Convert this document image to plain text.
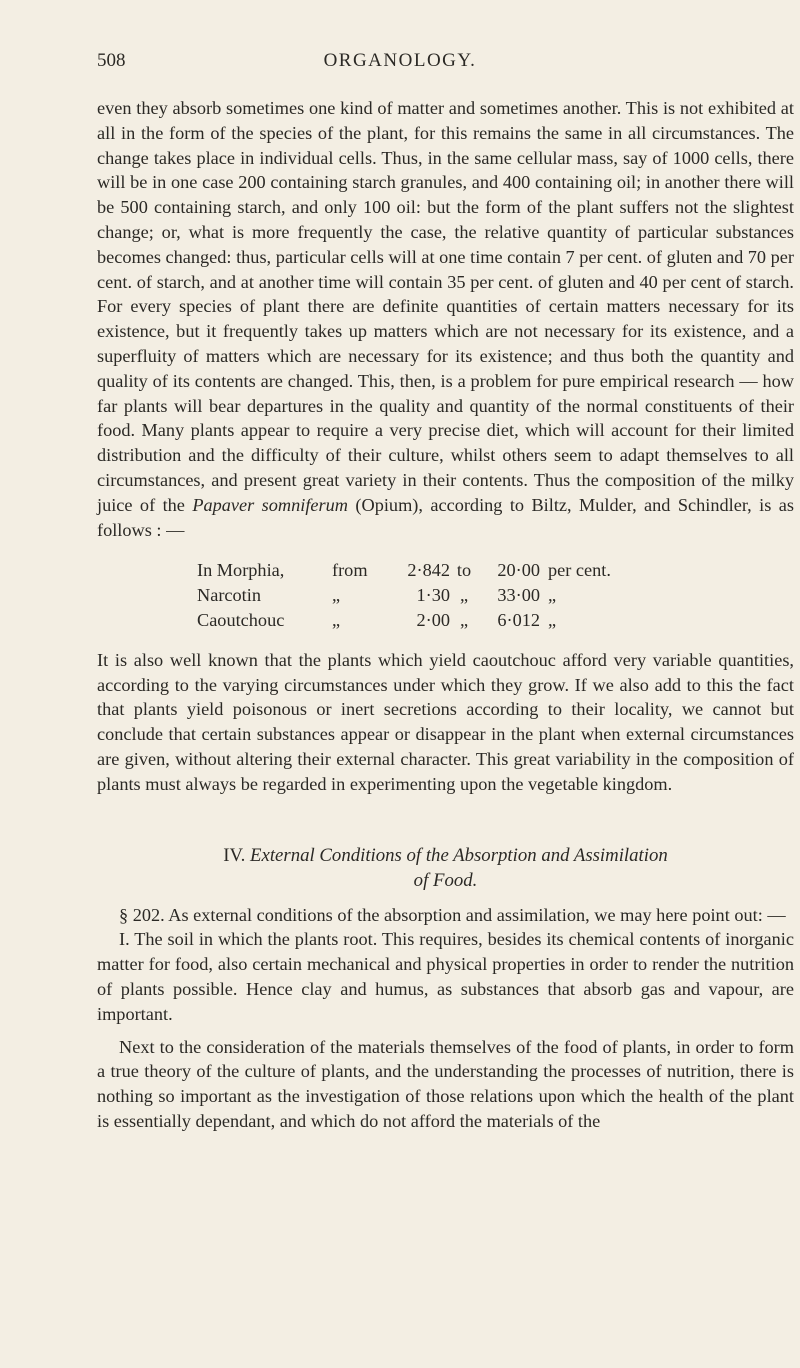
508	ORGANOLOGY.

even they absorb sometimes one kind of matter and sometimes another. This is not exhibited at all in the form of the species of the plant, for this remains the same in all circumstances. The change takes place in individual cells. Thus, in the same cellular mass, say of 1000 cells, there will be in one case 200 containing starch granules, and 400 containing oil; in another there will be 500 containing starch, and only 100 oil: but the form of the plant suffers not the slightest change; or, what is more frequently the case, the relative quantity of particular substances becomes changed: thus, particular cells will at one time contain 7 per cent. of gluten and 70 per cent. of starch, and at another time will contain 35 per cent. of gluten and 40 per cent of starch. For every species of plant there are definite quantities of certain matters necessary for its existence, but it frequently takes up matters which are not necessary for its existence, and a superfluity of matters which are necessary for its existence; and thus both the quantity and quality of its contents are changed. This, then, is a problem for pure empirical research — how far plants will bear departures in the quality and quantity of the normal constituents of their food. Many plants appear to require a very precise diet, which will account for their limited distribution and the difficulty of their culture, whilst others seem to adapt themselves to all circumstances, and present great variety in their contents. Thus the composition of the milky juice of the Papaver somniferum (Opium), according to Biltz, Mulder, and Schindler, is as follows : —

In Morphia,	from	2·842	to	20·00	per cent.
Narcotin	„	1·30	„	33·00	„
Caoutchouc	„	2·00	„	6·012	„

It is also well known that the plants which yield caoutchouc afford very variable quantities, according to the varying circumstances under which they grow. If we also add to this the fact that plants yield poisonous or inert secretions according to their locality, we cannot but conclude that certain substances appear or disappear in the plant when external circumstances are given, without altering their external character. This great variability in the composition of plants must always be regarded in experimenting upon the vegetable kingdom.

IV. External Conditions of the Absorption and Assimilation
of Food.

§ 202. As external conditions of the absorption and assimilation, we may here point out: —

I. The soil in which the plants root. This requires, besides its chemical contents of inorganic matter for food, also certain mechanical and physical properties in order to render the nutrition of plants possible. Hence clay and humus, as substances that absorb gas and vapour, are important.

Next to the consideration of the materials themselves of the food of plants, in order to form a true theory of the culture of plants, and the understanding the processes of nutrition, there is nothing so important as the investigation of those relations upon which the health of the plant is essentially dependant, and which do not afford the materials of the
